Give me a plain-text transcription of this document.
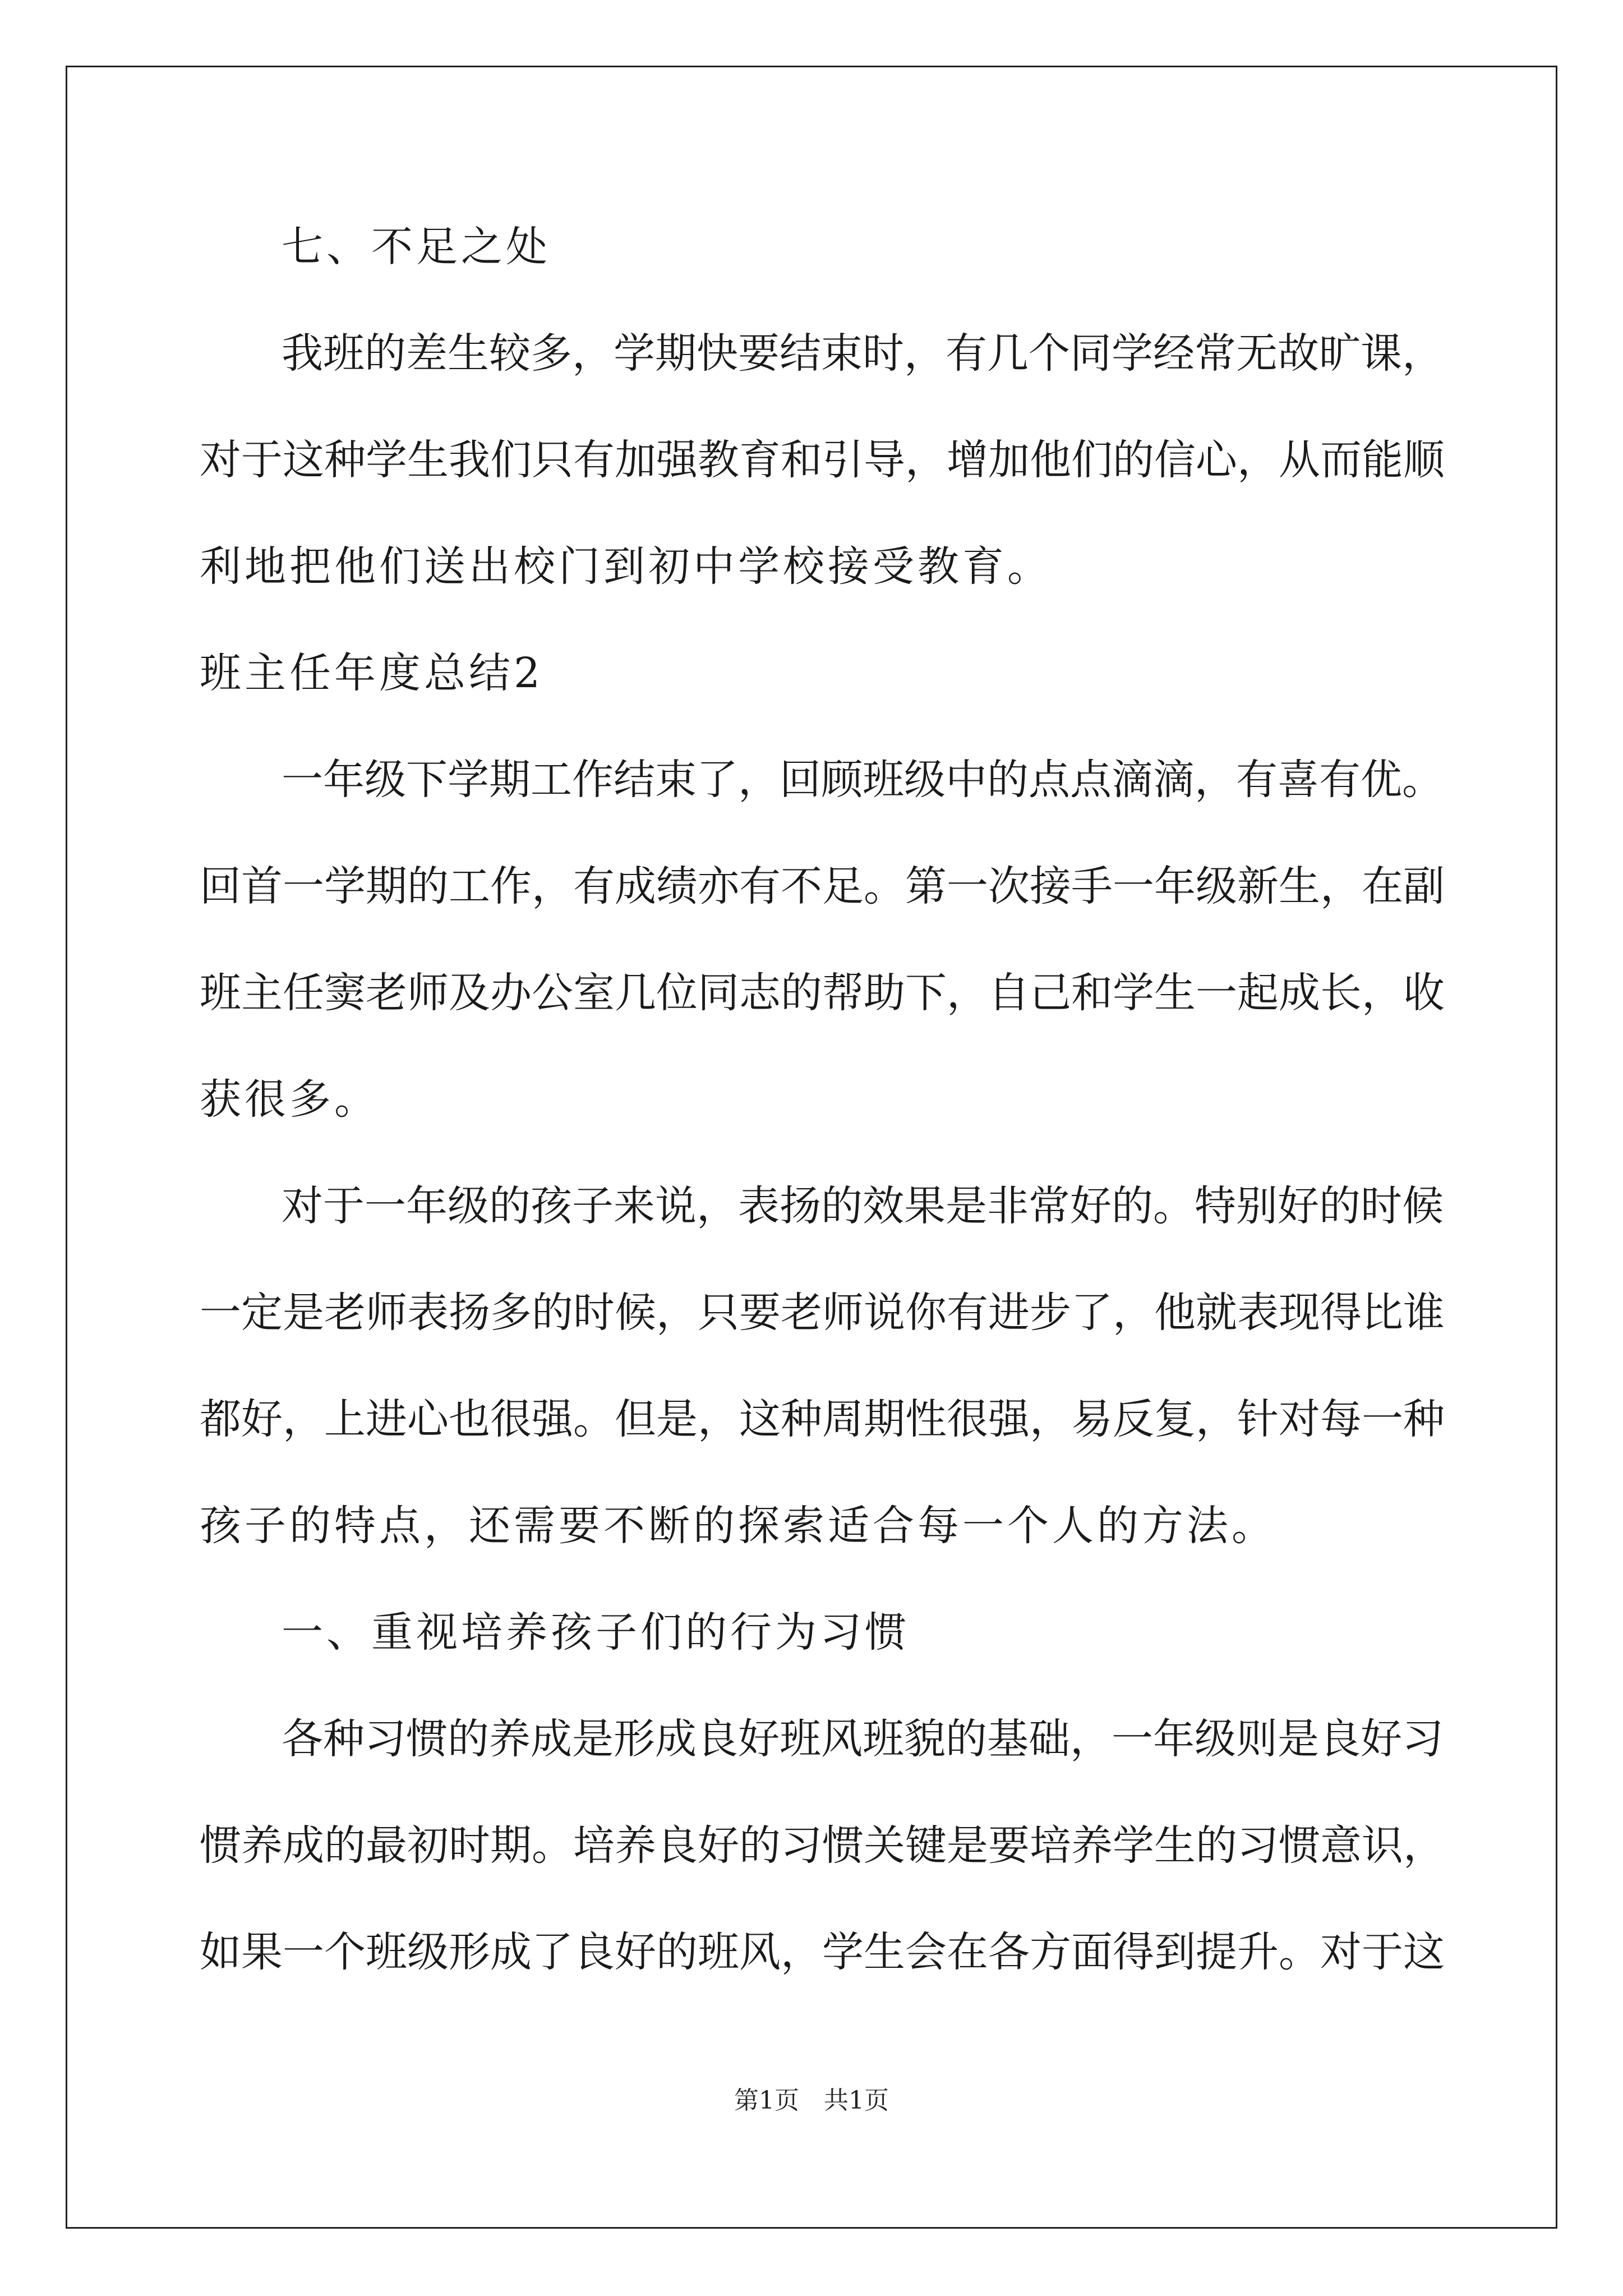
七、不足之处
我 班 的 差 生 较 多 ， 学 期 快 要 结 束 时 ， 有 几 个 同 学 经 常 无 故 旷 课 ，
对 于 这 种 学 生 我 们 只 有 加 强 教 育 和 引 导 ， 增 加 他 们 的 信 心 ， 从 而 能 顺
利地把他们送出校门到初中学校接受教育。
班主任年度总结2
一 年 级 下 学 期 工 作 结 束 了 ， 回 顾 班 级 中 的 点 点 滴 滴 ， 有 喜 有 优 。
回 首 一 学 期 的 工 作 ， 有 成 绩 亦 有 不 足 。 第 一 次 接 手 一 年 级 新 生 ， 在 副
班 主 任 窦 老 师 及 办 公 室 几 位 同 志 的 帮 助 下 ， 自 己 和 学 生 一 起 成 长 ， 收
获很多。
对 于 一 年 级 的 孩 子 来 说 ， 表 扬 的 效 果 是 非 常 好 的 。 特 别 好 的 时 候
一 定 是 老 师 表 扬 多 的 时 候 ， 只 要 老 师 说 你 有 进 步 了 ， 他 就 表 现 得 比 谁
都 好 ， 上 进 心 也 很 强 。 但 是 ， 这 种 周 期 性 很 强 ， 易 反 复 ， 针 对 每 一 种
孩子的特点，还需要不断的探索适合每一个人的方法。
一、重视培养孩子们的行为习惯
各 种 习 惯 的 养 成 是 形 成 良 好 班 风 班 貌 的 基 础 ， 一 年 级 则 是 良 好 习
惯 养 成 的 最 初 时 期 。 培 养 良 好 的 习 惯 关 键 是 要 培 养 学 生 的 习 惯 意 识 ，
如 果 一 个 班 级 形 成 了 良 好 的 班 风 ， 学 生 会 在 各 方 面 得 到 提 升 。 对 于 这
第1页　共1页
